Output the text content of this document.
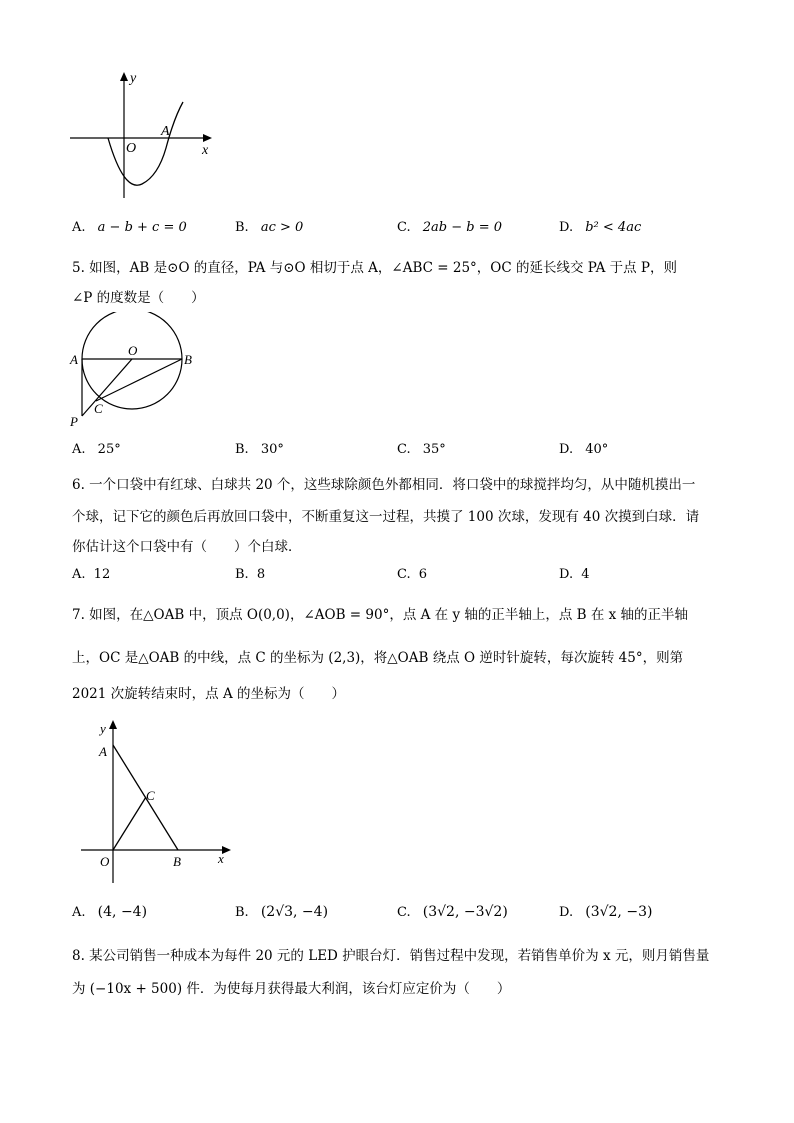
y
x
O
A
A. a − b + c = 0	B. ac > 0	C. 2ab − b = 0	D. b² < 4ac
5. 如图，AB 是⊙O 的直径，PA 与⊙O 相切于点 A，∠ABC = 25°，OC 的延长线交 PA 于点 P，则
∠P 的度数是（　　）
A
O
B
C
P
A. 25°	B. 30°	C. 35°	D. 40°
6. 一个口袋中有红球、白球共 20 个，这些球除颜色外都相同．将口袋中的球搅拌均匀，从中随机摸出一
个球，记下它的颜色后再放回口袋中，不断重复这一过程，共摸了 100 次球，发现有 40 次摸到白球．请
你估计这个口袋中有（　　）个白球．
A. 12	B. 8	C. 6	D. 4
7. 如图，在△OAB 中，顶点 O(0,0)，∠AOB = 90°，点 A 在 y 轴的正半轴上，点 B 在 x 轴的正半轴
上，OC 是△OAB 的中线，点 C 的坐标为 (2,3)，将△OAB 绕点 O 逆时针旋转，每次旋转 45°，则第
2021 次旋转结束时，点 A 的坐标为（　　）
y
x
A
C
O	B
A. (4, −4)	B. (2√3, −4)	C. (3√2, −3√2)	D. (3√2, −3)
8. 某公司销售一种成本为每件 20 元的 LED 护眼台灯．销售过程中发现，若销售单价为 x 元，则月销售量
为 (−10x + 500) 件．为使每月获得最大利润，该台灯应定价为（　　）
